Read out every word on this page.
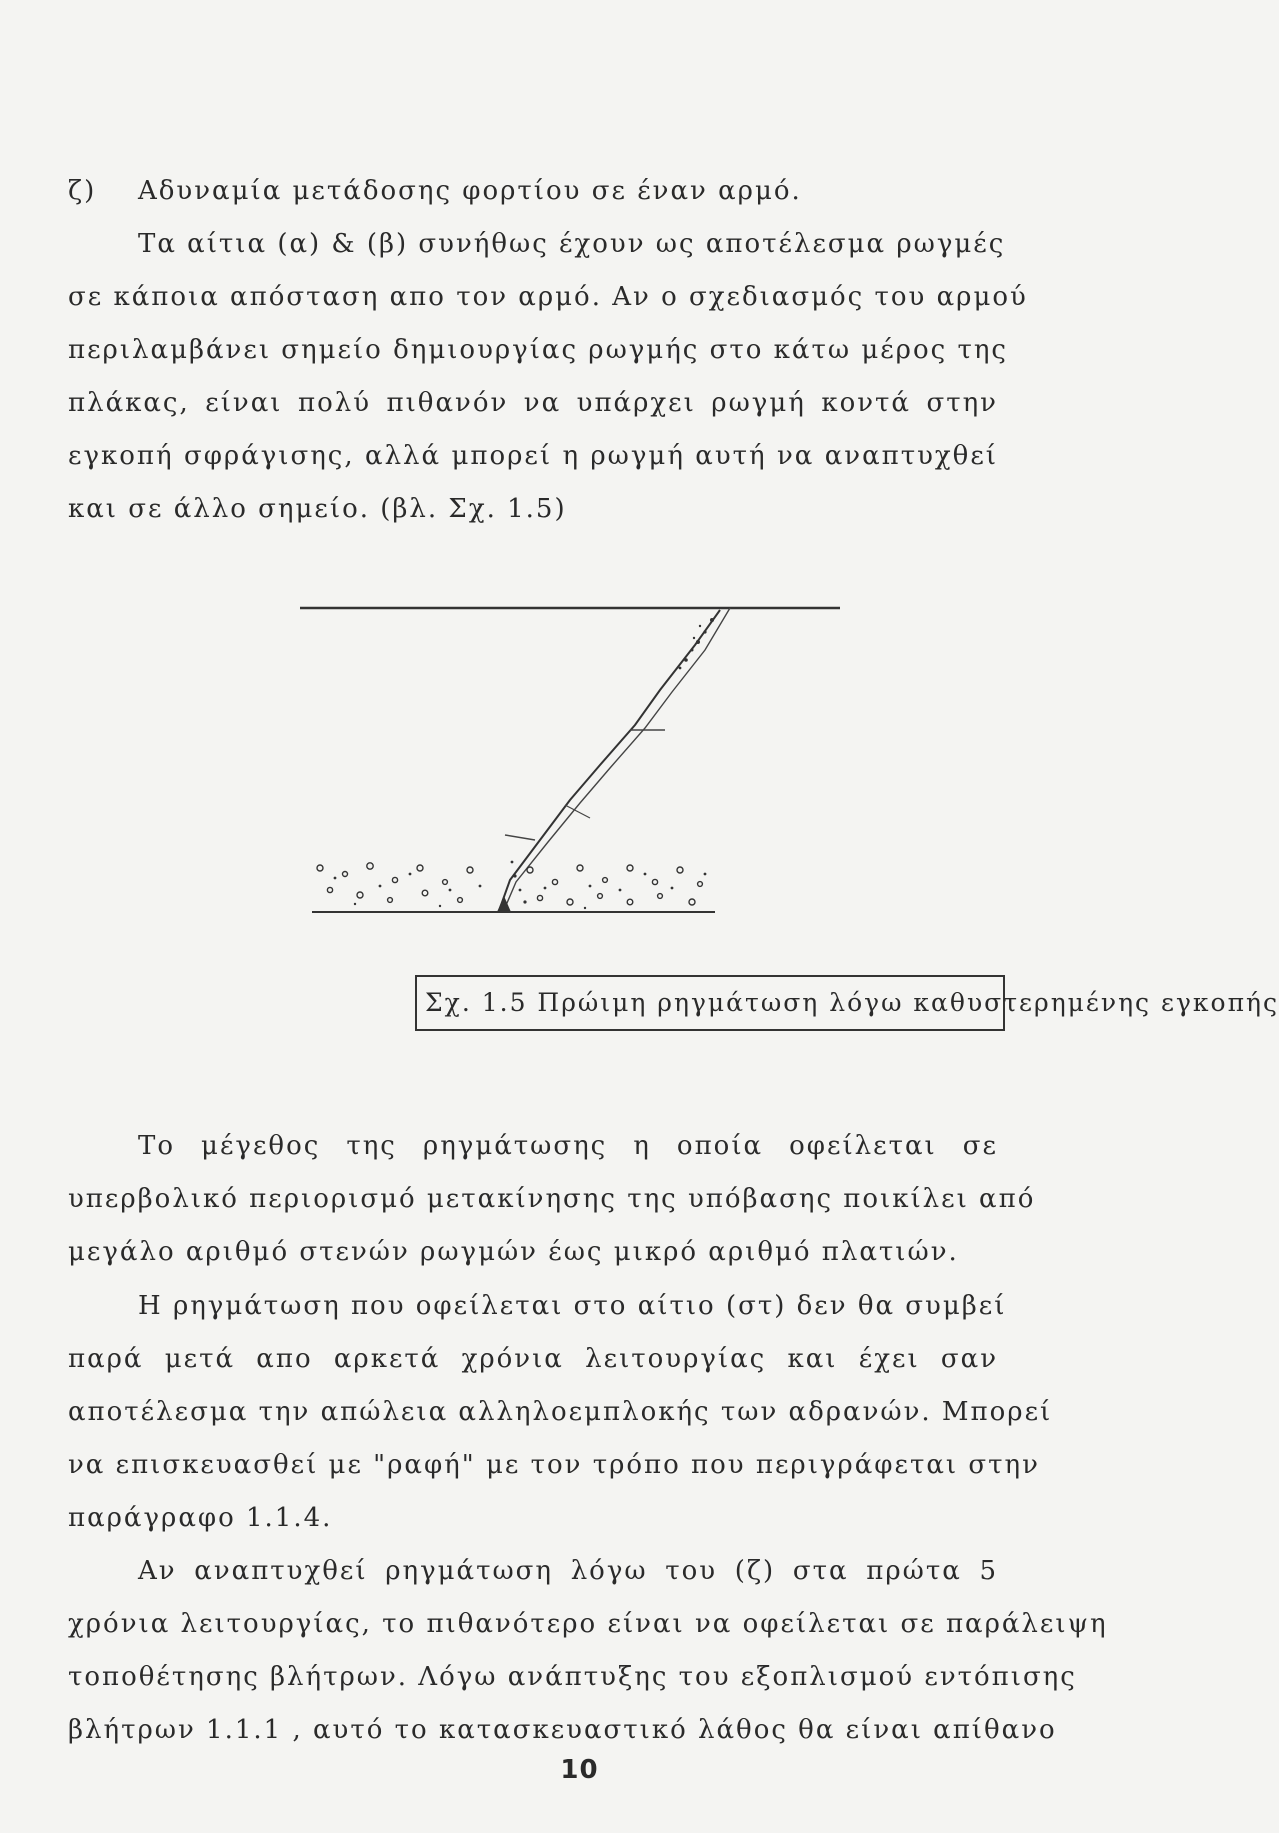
ζ)	Αδυναμία μετάδοσης φορτίου σε έναν αρμό.
Τα αίτια (α) & (β) συνήθως έχουν ως αποτέλεσμα ρωγμές
σε κάποια απόσταση απο τον αρμό. Αν ο σχεδιασμός του αρμού
περιλαμβάνει σημείο δημιουργίας ρωγμής στο κάτω μέρος της
πλάκας, είναι πολύ πιθανόν να υπάρχει ρωγμή κοντά στην
εγκοπή σφράγισης, αλλά μπορεί η ρωγμή αυτή να αναπτυχθεί
και σε άλλο σημείο. (βλ. Σχ. 1.5)
Σχ. 1.5 Πρώιμη ρηγμάτωση λόγω καθυστερημένης εγκοπής
Το μέγεθος της ρηγμάτωσης η οποία οφείλεται σε
υπερβολικό περιορισμό μετακίνησης της υπόβασης ποικίλει από
μεγάλο αριθμό στενών ρωγμών έως μικρό αριθμό πλατιών.
Η ρηγμάτωση που οφείλεται στο αίτιο (στ) δεν θα συμβεί
παρά μετά απο αρκετά χρόνια λειτουργίας και έχει σαν
αποτέλεσμα την απώλεια αλληλοεμπλοκής των αδρανών. Μπορεί
να επισκευασθεί με "ραφή" με τον τρόπο που περιγράφεται στην
παράγραφο 1.1.4.
Αν αναπτυχθεί ρηγμάτωση λόγω του (ζ) στα πρώτα 5
χρόνια λειτουργίας, το πιθανότερο είναι να οφείλεται σε παράλειψη
τοποθέτησης βλήτρων. Λόγω ανάπτυξης του εξοπλισμού εντόπισης
βλήτρων 1.1.1 , αυτό το κατασκευαστικό λάθος θα είναι απίθανο
10
